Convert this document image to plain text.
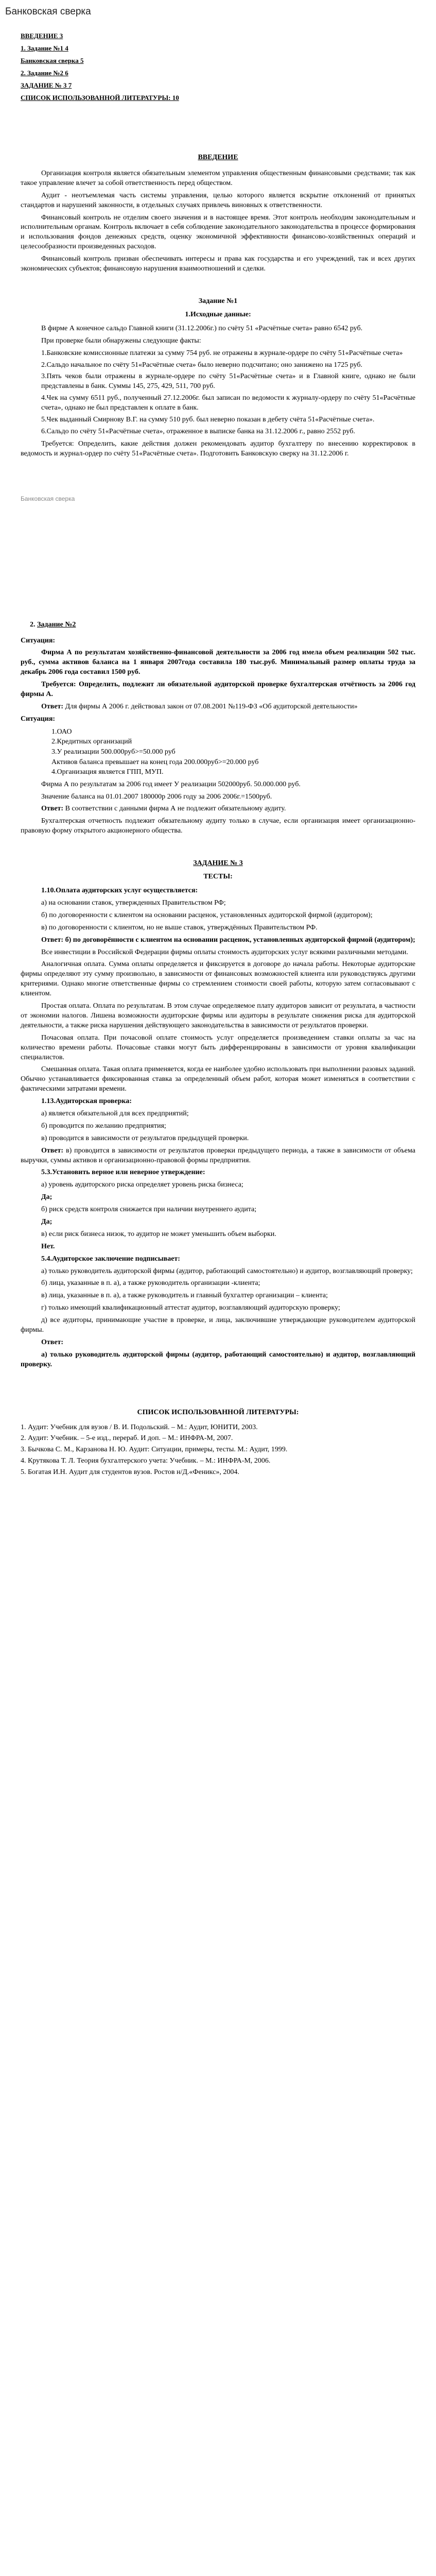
Банковская сверка
ВВЕДЕНИЕ 3
1. Задание №1 4
Банковская сверка 5
2. Задание №2 6
ЗАДАНИЕ № 3 7
СПИСОК ИСПОЛЬЗОВАННОЙ ЛИТЕРАТУРЫ: 10
ВВЕДЕНИЕ

Организация контроля является обязательным элементом управления общественным финансовыми средствами; так как такое управление влечет за собой ответственность перед обществом.

Аудит - неотъемлемая часть системы управления, целью которого является вскрытие отклонений от принятых стандартов и нарушений законности, в отдельных случаях привлечь виновных к ответственности.

Финансовый контроль не отделим своего значения и в настоящее время. Этот контроль необходим законодательным и исполнительным органам. Контроль включает в себя соблюдение законодательного законодательства в процессе формирования и использования фондов денежных средств, оценку экономичной эффективности финансово-хозяйственных операций и целесообразности произведенных расходов.

Финансовый контроль призван обеспечивать интересы и права как государства и его учреждений, так и всех других экономических субъектов; финансовую нарушения взаимоотношений и сделки.

Задание №1
1.Исходные данные:

В фирме А конечное сальдо Главной книги (31.12.2006г.) по счёту 51 «Расчётные счета» равно 6542 руб.

При проверке были обнаружены следующие факты:

1.Банковские комиссионные платежи за сумму 754 руб. не отражены в журнале-ордере по счёту 51«Расчётные счета»
2.Сальдо начальное по счёту 51«Расчётные счета» было неверно подсчитано; оно занижено на 1725 руб.
3.Пять чеков были отражены в журнале-ордере по счёту 51«Расчётные счета» и в Главной книге, однако не были представлены в банк. Суммы 145, 275, 429, 511, 700 руб.
4.Чек на сумму 6511 руб., полученный 27.12.2006г. был записан по ведомости к журналу-ордеру по счёту 51«Расчётные счета», однако не был представлен к оплате в банк.
5.Чек выданный Смирнову В.Г. на сумму 510 руб. был неверно показан в дебету счёта 51«Расчётные счета».
6.Сальдо по счёту 51«Расчётные счета», отраженное в выписке банка на 31.12.2006 г., равно 2552 руб.

Требуется: Определить, какие действия должен рекомендовать аудитор бухгалтеру по внесению корректировок в ведомость и журнал-ордер по счёту 51«Расчётные счета». Подготовить Банковскую сверку на 31.12.2006 г.

Банковская сверка
2. Задание №2

Ситуация:

Фирма А по результатам хозяйственно-финансовой деятельности за 2006 год имела объем реализации 502 тыс. руб., сумма активов баланса на 1 января 2007года составила 180 тыс.руб. Минимальный размер оплаты труда за декабрь 2006 года составил 1500 руб.

Требуется: Определить, подлежит ли обязательной аудиторской проверке бухгалтерская отчётность за 2006 год фирмы А.

Ответ: Для фирмы А 2006 г. действовал закон от 07.08.2001 №119-ФЗ «Об аудиторской деятельности»

Ситуация:

1.ОАО
2.Кредитных организаций
3.У реализации 500.000руб>=50.000 руб
Активов баланса превышает на конец года 200.000руб>=20.000 руб
4.Организация является ГПП, МУП.

Фирма А по результатам за 2006 год имеет У реализации 502000руб. 50.000.000 руб.

Значение баланса на 01.01.2007 180000р 2006 году за 2006 2006г.=1500руб.

Ответ: В соответствии с данными фирма А не подлежит обязательному аудиту.

Бухгалтерская отчетность подлежит обязательному аудиту только в случае, если организация имеет организационно-правовую форму открытого акционерного общества.

ЗАДАНИЕ № 3
ТЕСТЫ:

1.10.Оплата аудиторских услуг осуществляется:

а) на основании ставок, утвержденных Правительством РФ;

б) по договоренности с клиентом на основании расценок, установленных аудиторской фирмой (аудитором);

в) по договоренности с клиентом, но не выше ставок, утверждённых Правительством РФ.

Ответ: б) по договорённости с клиентом на основании расценок, установленных аудиторской фирмой (аудитором);

Все инвестиции в Российской Федерации фирмы оплаты стоимость аудиторских услуг всякими различными методами.

Аналогичная оплата. Сумма оплаты определяется и фиксируется в договоре до начала работы. Некоторые аудиторские фирмы определяют эту сумму произвольно, в зависимости от финансовых возможностей клиента или руководствуясь другими критериями. Однако многие ответственные фирмы со стремлением стоимости своей работы, которую затем согласовывают с клиентом.

Простая оплата. Оплата по результатам. В этом случае определяемое плату аудиторов зависит от результата, в частности от экономии налогов. Лишена возможности аудиторские фирмы или аудиторы в результате снижения риска для аудиторской деятельности, а также риска нарушения действующего законодательства в зависимости от результатов проверки.

Почасовая оплата. При почасовой оплате стоимость услуг определяется произведением ставки оплаты за час на количество времени работы. Почасовые ставки могут быть дифференцированы в зависимости от уровня квалификации специалистов.

Смешанная оплата. Такая оплата применяется, когда ее наиболее удобно использовать при выполнении разовых заданий. Обычно устанавливается фиксированная ставка за определенный объем работ, которая может изменяться в соответствии с фактическими затратами времени.

1.13.Аудиторская проверка:

а) является обязательной для всех предприятий;

б) проводится по желанию предприятия;

в) проводится в зависимости от результатов предыдущей проверки.

Ответ: в) проводится в зависимости от результатов проверки предыдущего периода, а также в зависимости от объема выручки, суммы активов и организационно-правовой формы предприятия.

5.3.Установить верное или неверное утверждение:

а) уровень аудиторского риска определяет уровень риска бизнеса;

Да;

б) риск средств контроля снижается при наличии внутреннего аудита;

Да;

в) если риск бизнеса низок, то аудитор не может уменьшить объем выборки.

Нет.

5.4.Аудиторское заключение подписывает:

а) только руководитель аудиторской фирмы (аудитор, работающий самостоятельно) и аудитор, возглавляющий проверку;

б) лица, указанные в п. а), а также руководитель организации -клиента;

в) лица, указанные в п. а), а также руководитель и главный бухгалтер организации – клиента;

г) только имеющий квалификационный аттестат аудитор, возглавляющий аудиторскую проверку;

д) все аудиторы, принимающие участие в проверке, и лица, заключившие утверждающие руководителем аудиторской фирмы.

Ответ:

а) только руководитель аудиторской фирмы (аудитор, работающий самостоятельно) и аудитор, возглавляющий проверку.

СПИСОК ИСПОЛЬЗОВАННОЙ ЛИТЕРАТУРЫ:
1. Аудит: Учебник для вузов / В. И. Подольский. – М.: Аудит, ЮНИТИ, 2003.
2. Аудит: Учебник. – 5-е изд., перераб. И доп. – М.: ИНФРА-М, 2007.
3. Бычкова С. М., Карзанова Н. Ю. Аудит: Ситуации, примеры, тесты. М.: Аудит, 1999.
4. Крутякова Т. Л. Теория бухгалтерского учета: Учебник. – М.: ИНФРА-М, 2006.
5. Богатая И.Н. Аудит для студентов вузов. Ростов н/Д.«Феникс», 2004.
